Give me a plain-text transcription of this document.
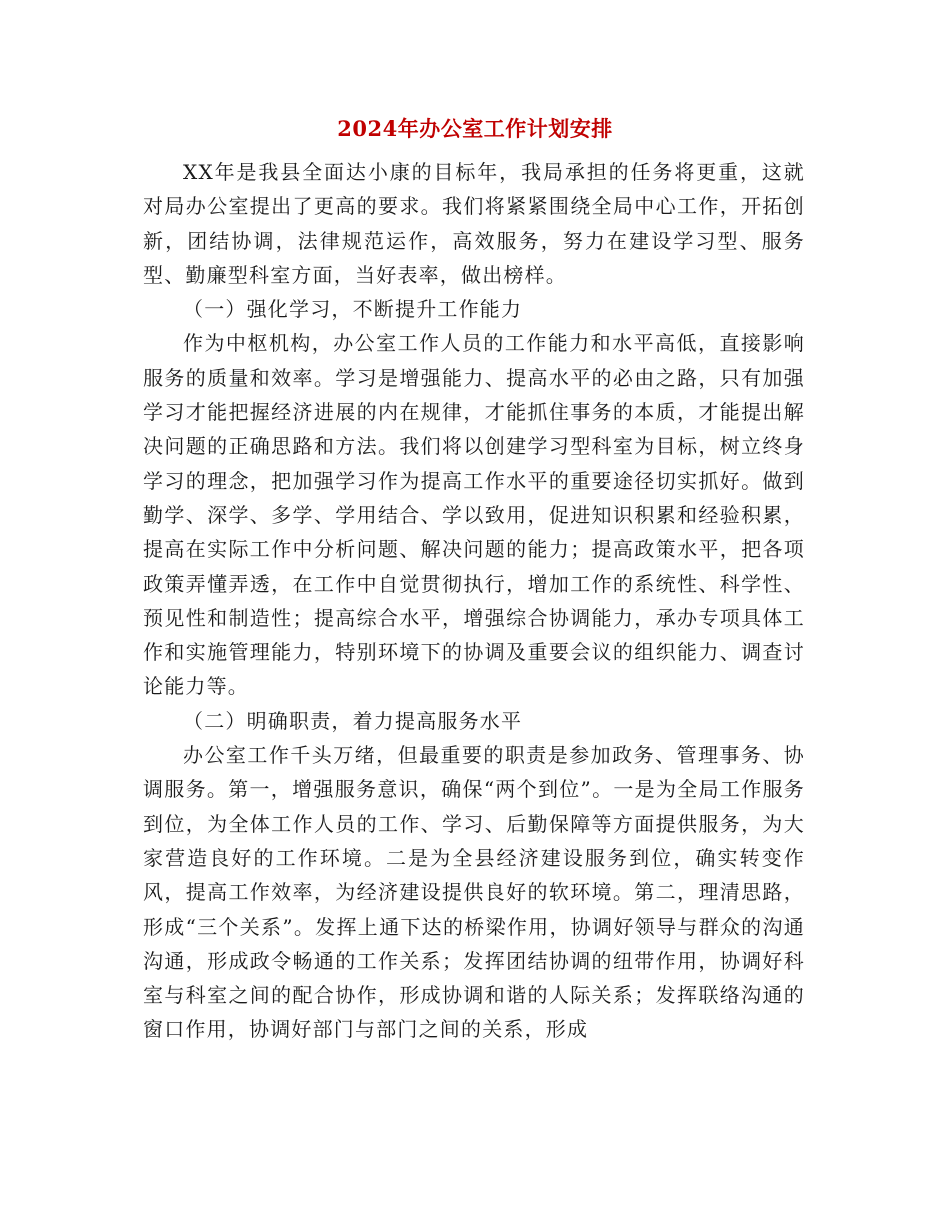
2024年办公室工作计划安排

XX年是我县全面达小康的目标年，我局承担的任务将更重，这就对局办公室提出了更高的要求。我们将紧紧围绕全局中心工作，开拓创新，团结协调，法律规范运作，高效服务，努力在建设学习型、服务型、勤廉型科室方面，当好表率，做出榜样。

（一）强化学习，不断提升工作能力

作为中枢机构，办公室工作人员的工作能力和水平高低，直接影响服务的质量和效率。学习是增强能力、提高水平的必由之路，只有加强学习才能把握经济进展的内在规律，才能抓住事务的本质，才能提出解决问题的正确思路和方法。我们将以创建学习型科室为目标，树立终身学习的理念，把加强学习作为提高工作水平的重要途径切实抓好。做到勤学、深学、多学、学用结合、学以致用，促进知识积累和经验积累，提高在实际工作中分析问题、解决问题的能力；提高政策水平，把各项政策弄懂弄透，在工作中自觉贯彻执行，增加工作的系统性、科学性、预见性和制造性；提高综合水平，增强综合协调能力，承办专项具体工作和实施管理能力，特别环境下的协调及重要会议的组织能力、调查讨论能力等。

（二）明确职责，着力提高服务水平

办公室工作千头万绪，但最重要的职责是参加政务、管理事务、协调服务。第一，增强服务意识，确保“两个到位”。一是为全局工作服务到位，为全体工作人员的工作、学习、后勤保障等方面提供服务，为大家营造良好的工作环境。二是为全县经济建设服务到位，确实转变作风，提高工作效率，为经济建设提供良好的软环境。第二，理清思路，形成“三个关系”。发挥上通下达的桥梁作用，协调好领导与群众的沟通沟通，形成政令畅通的工作关系；发挥团结协调的纽带作用，协调好科室与科室之间的配合协作，形成协调和谐的人际关系；发挥联络沟通的窗口作用，协调好部门与部门之间的关系，形成
